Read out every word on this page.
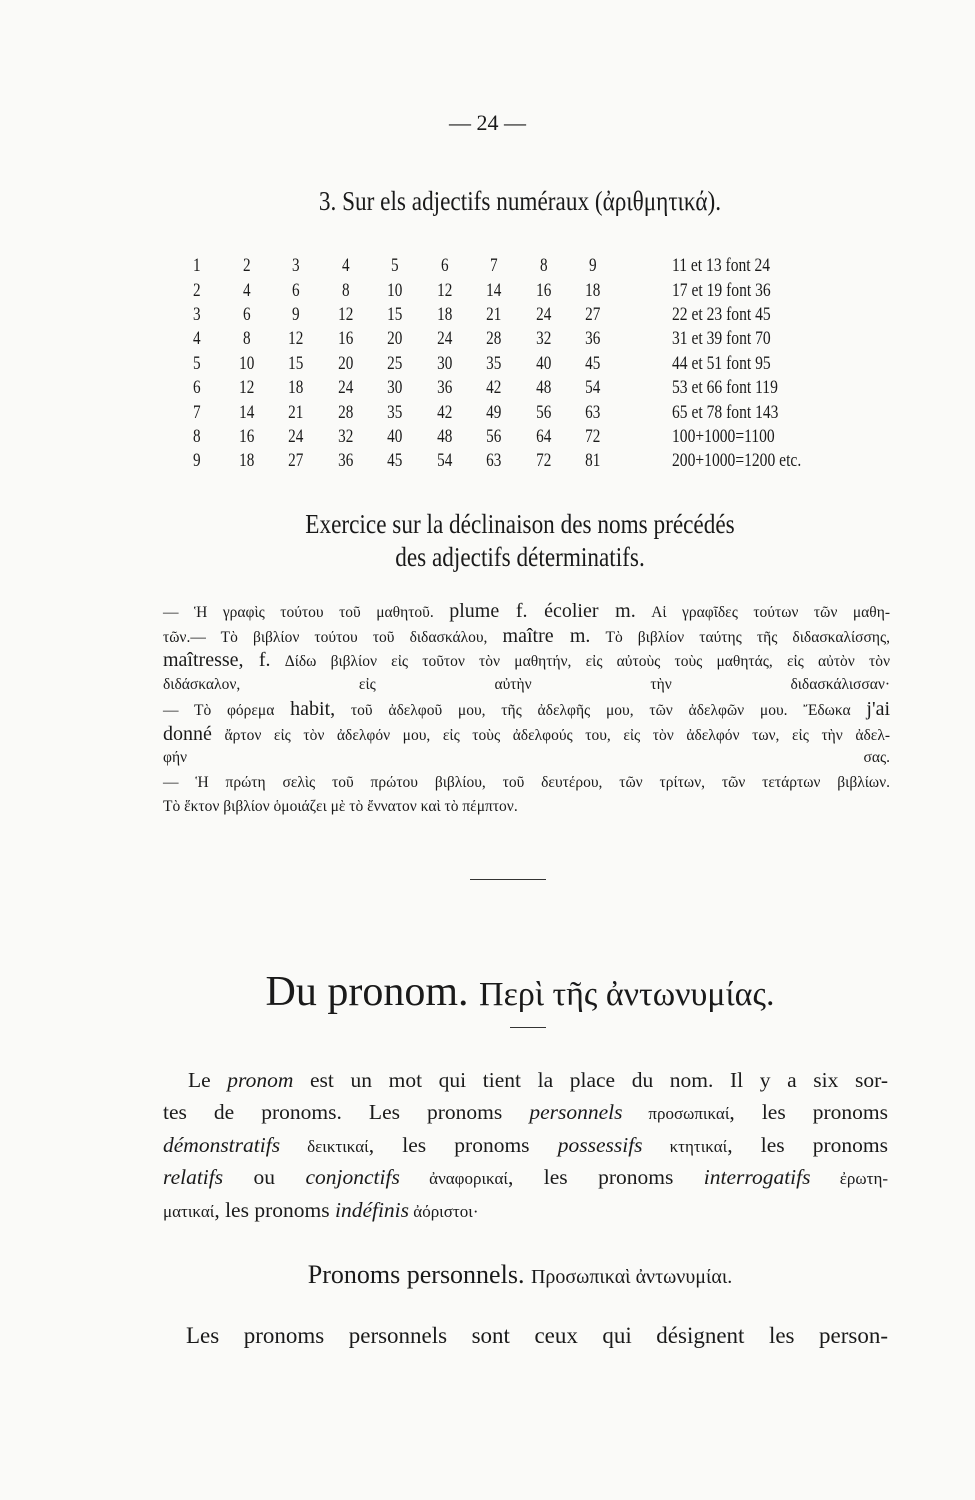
— 24 —
3. Sur els adjectifs numéraux (ἀριθμητικά).
1	2	3	4	5	6	7	8	9	11 et 13 font 24
2	4	6	8	10	12	14	16	18	17 et 19 font 36
3	6	9	12	15	18	21	24	27	22 et 23 font 45
4	8	12	16	20	24	28	32	36	31 et 39 font 70
5	10	15	20	25	30	35	40	45	44 et 51 font 95
6	12	18	24	30	36	42	48	54	53 et 66 font 119
7	14	21	28	35	42	49	56	63	65 et 78 font 143
8	16	24	32	40	48	56	64	72	100+1000=1100
9	18	27	36	45	54	63	72	81	200+1000=1200 etc.
Exercice sur la déclinaison des noms précédés
des adjectifs déterminatifs.
— Ἡ γραφὶς τούτου τοῦ μαθητοῦ. plume f. écolier m. Αἱ γραφῖδες τούτων τῶν μαθη-
τῶν.— Τὸ βιβλίον τούτου τοῦ διδασκάλου, maître m. Τὸ βιβλίον ταύτης τῆς διδασκαλίσσης,
maîtresse, f. Δίδω βιβλίον εἰς τοῦτον τὸν μαθητήν, εἰς αὐτοὺς τοὺς μαθητάς, εἰς αὐτὸν τὸν
διδάσκαλον, εἰς αὐτὴν τὴν διδασκάλισσαν·
— Τὸ φόρεμα habit, τοῦ ἀδελφοῦ μου, τῆς ἀδελφῆς μου, τῶν ἀδελφῶν μου. Ἔδωκα j'ai
donné ἄρτον εἰς τὸν ἀδελφόν μου, εἰς τοὺς ἀδελφούς του, εἰς τὸν ἀδελφόν των, εἰς τὴν ἀδελ-
φήν σας.
— Ἡ πρώτη σελὶς τοῦ πρώτου βιβλίου, τοῦ δευτέρου, τῶν τρίτων, τῶν τετάρτων βιβλίων.
Τὸ ἕκτον βιβλίον ὁμοιάζει μὲ τὸ ἔννατον καὶ τὸ πέμπτον.
Du pronom. Περὶ τῆς ἀντωνυμίας.
Le pronom est un mot qui tient la place du nom. Il y a six sor-
tes de pronoms. Les pronoms personnels προσωπικαί, les pronoms
démonstratifs δεικτικαί, les pronoms possessifs κτητικαί, les pronoms
relatifs ou conjonctifs ἀναφορικαί, les pronoms interrogatifs ἐρωτη-
ματικαί, les pronoms indéfinis ἀόριστοι·
Pronoms personnels. Προσωπικαὶ ἀντωνυμίαι.
Les pronoms personnels sont ceux qui désignent les person-
